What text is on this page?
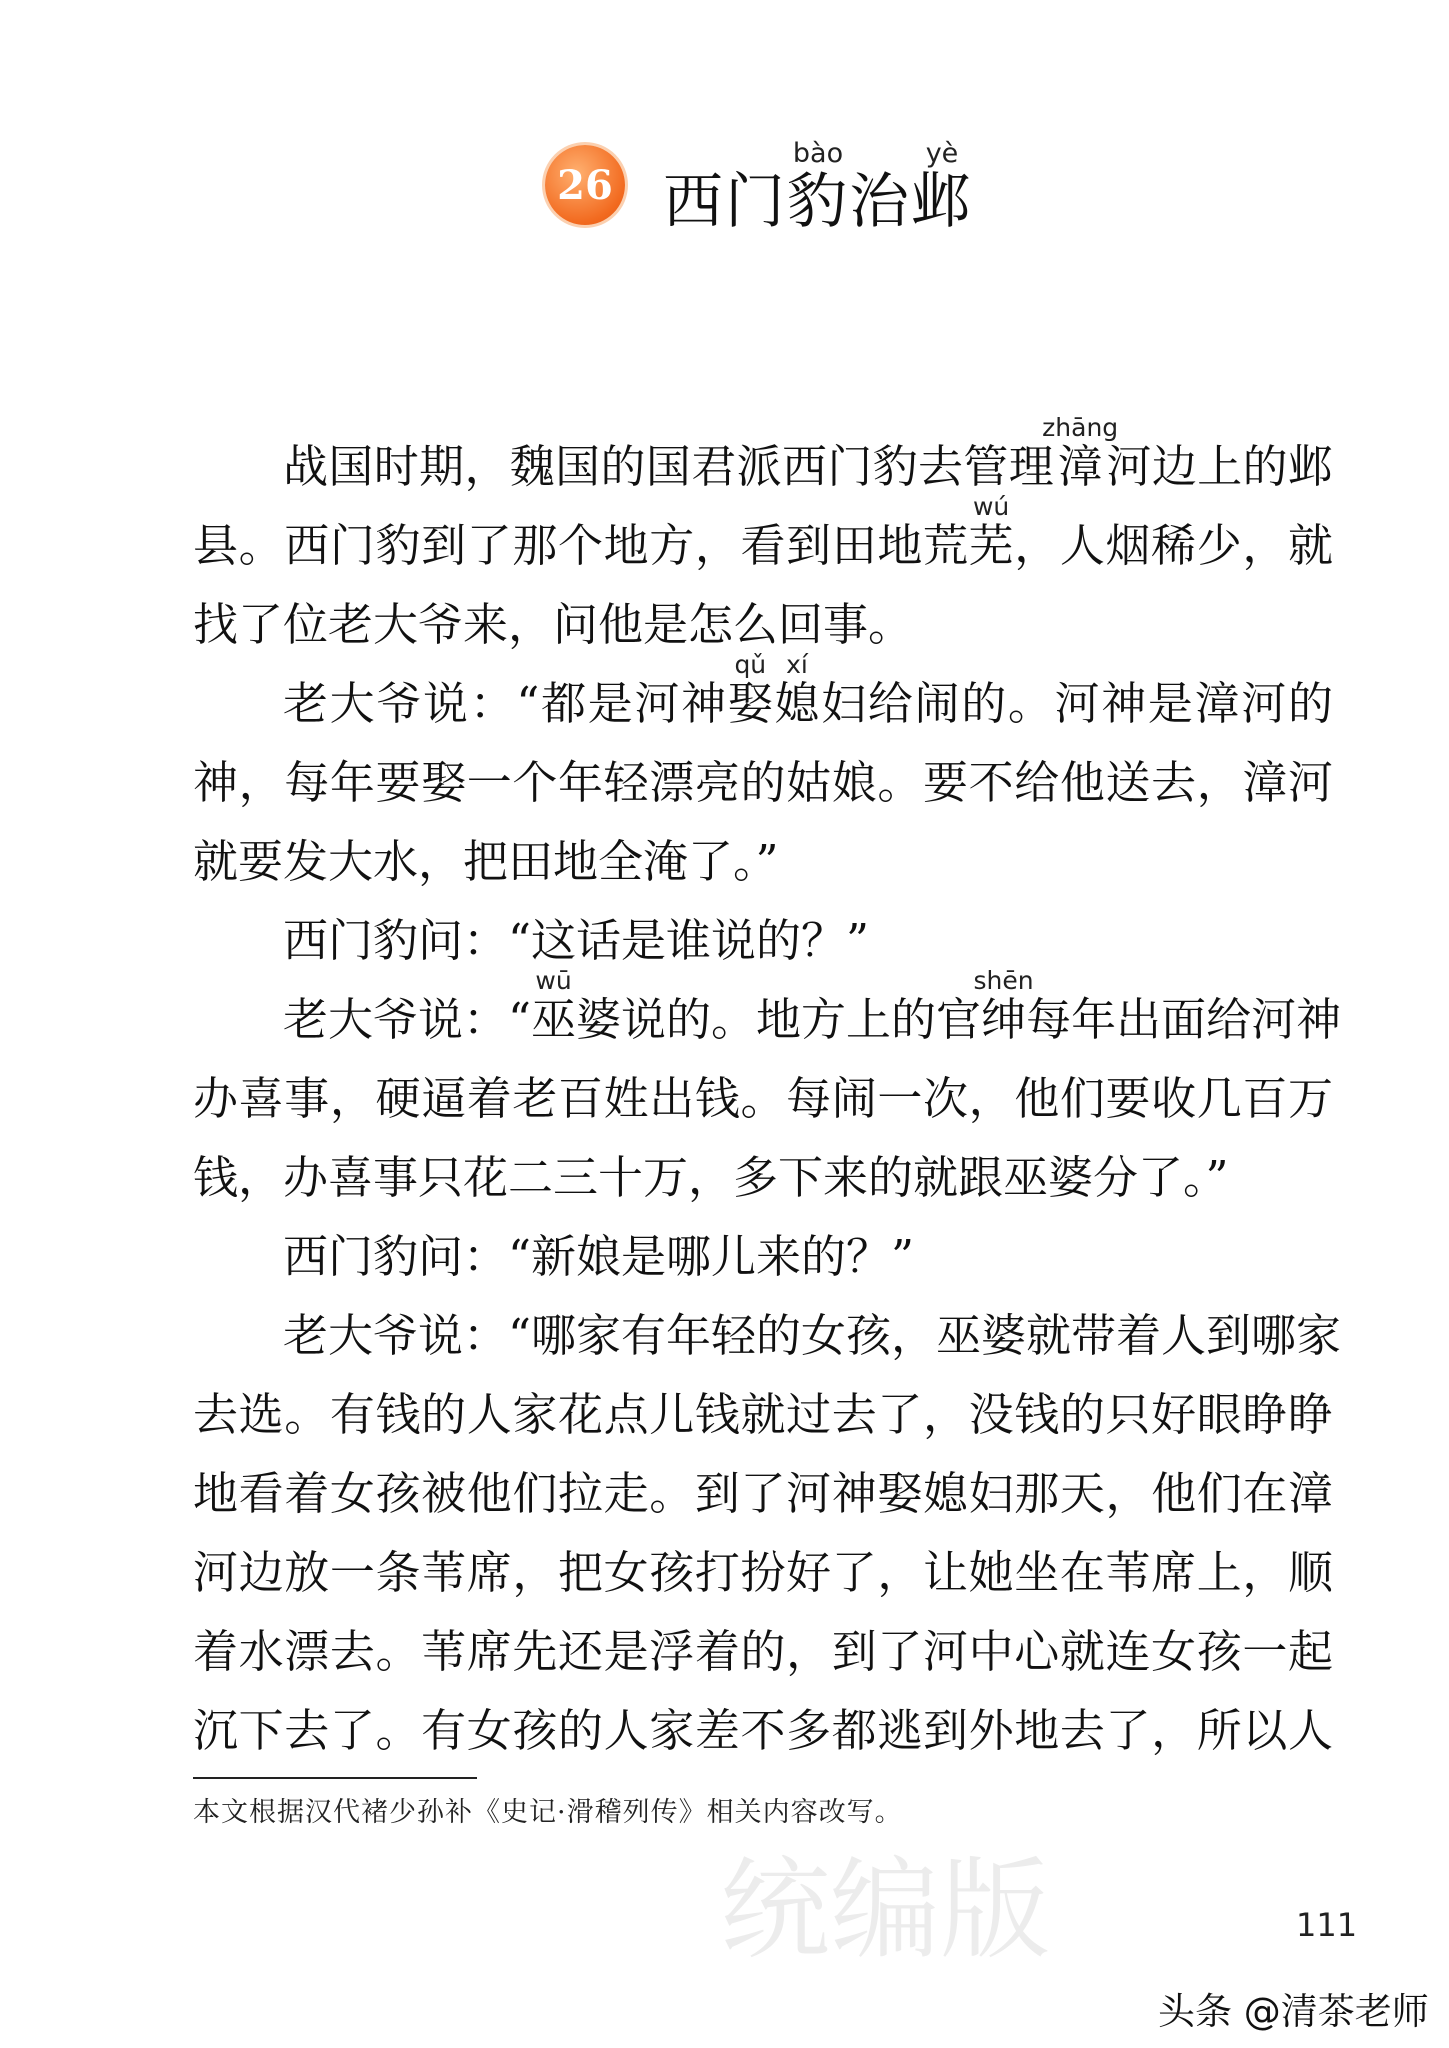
统编版
26 西门豹bào治邺yè
战国时期，魏国的国君派西门豹去管理漳zhāng河边上的邺
县。西门豹到了那个地方，看到田地荒芜wú，人烟稀少，就
找了位老大爷来，问他是怎么回事。
老大爷说：“都是河神娶qǔ媳xí妇给闹的。河神是漳河的
神，每年要娶一个年轻漂亮的姑娘。要不给他送去，漳河
就要发大水，把田地全淹了。”
西门豹问：“这话是谁说的？”
老大爷说：“巫wū婆说的。地方上的官绅shēn每年出面给河神
办喜事，硬逼着老百姓出钱。每闹一次，他们要收几百万
钱，办喜事只花二三十万，多下来的就跟巫婆分了。”
西门豹问：“新娘是哪儿来的？”
老大爷说：“哪家有年轻的女孩，巫婆就带着人到哪家
去选。有钱的人家花点儿钱就过去了，没钱的只好眼睁睁
地看着女孩被他们拉走。到了河神娶媳妇那天，他们在漳
河边放一条苇席，把女孩打扮好了，让她坐在苇席上，顺
着水漂去。苇席先还是浮着的，到了河中心就连女孩一起
沉下去了。有女孩的人家差不多都逃到外地去了，所以人
本文根据汉代褚少孙补《史记·滑稽列传》相关内容改写。
111
头条 @清茶老师
